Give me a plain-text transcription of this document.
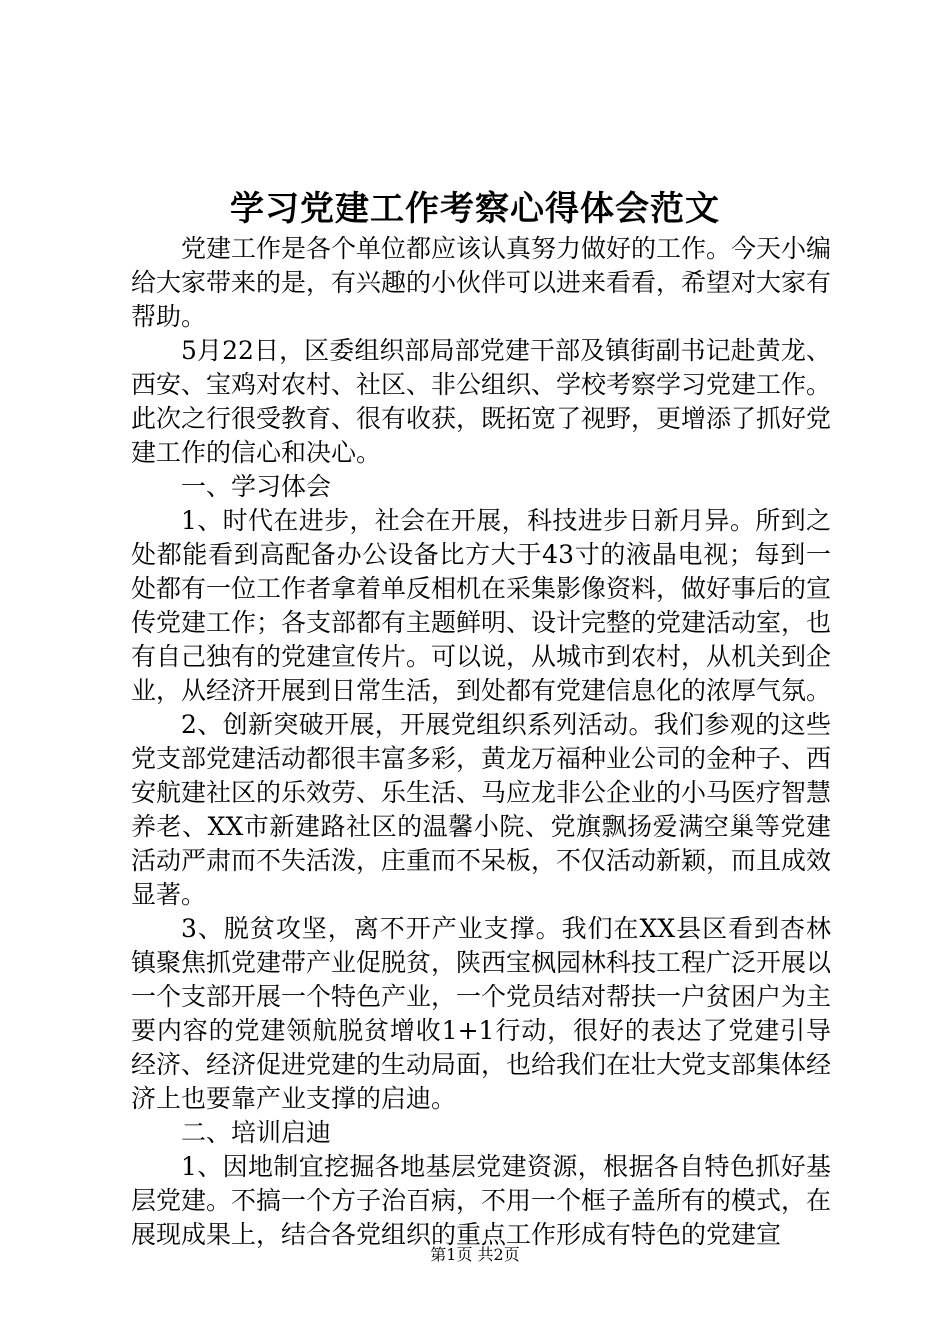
学习党建工作考察心得体会范文

党建工作是各个单位都应该认真努力做好的工作。今天小编给大家带来的是，有兴趣的小伙伴可以进来看看，希望对大家有帮助。

5月22日，区委组织部局部党建干部及镇街副书记赴黄龙、西安、宝鸡对农村、社区、非公组织、学校考察学习党建工作。此次之行很受教育、很有收获，既拓宽了视野，更增添了抓好党建工作的信心和决心。

一、学习体会

1、时代在进步，社会在开展，科技进步日新月异。所到之处都能看到高配备办公设备比方大于43寸的液晶电视；每到一处都有一位工作者拿着单反相机在采集影像资料，做好事后的宣传党建工作；各支部都有主题鲜明、设计完整的党建活动室，也有自己独有的党建宣传片。可以说，从城市到农村，从机关到企业，从经济开展到日常生活，到处都有党建信息化的浓厚气氛。

2、创新突破开展，开展党组织系列活动。我们参观的这些党支部党建活动都很丰富多彩，黄龙万福种业公司的金种子、西安航建社区的乐效劳、乐生活、马应龙非公企业的小马医疗智慧养老、XX市新建路社区的温馨小院、党旗飘扬爱满空巢等党建活动严肃而不失活泼，庄重而不呆板，不仅活动新颖，而且成效显著。

3、脱贫攻坚，离不开产业支撑。我们在XX县区看到杏林镇聚焦抓党建带产业促脱贫，陕西宝枫园林科技工程广泛开展以一个支部开展一个特色产业，一个党员结对帮扶一户贫困户为主要内容的党建领航脱贫增收1+1行动，很好的表达了党建引导经济、经济促进党建的生动局面，也给我们在壮大党支部集体经济上也要靠产业支撑的启迪。

二、培训启迪

1、因地制宜挖掘各地基层党建资源，根据各自特色抓好基层党建。不搞一个方子治百病，不用一个框子盖所有的模式，在展现成果上，结合各党组织的重点工作形成有特色的党建宣

第1页 共2页
